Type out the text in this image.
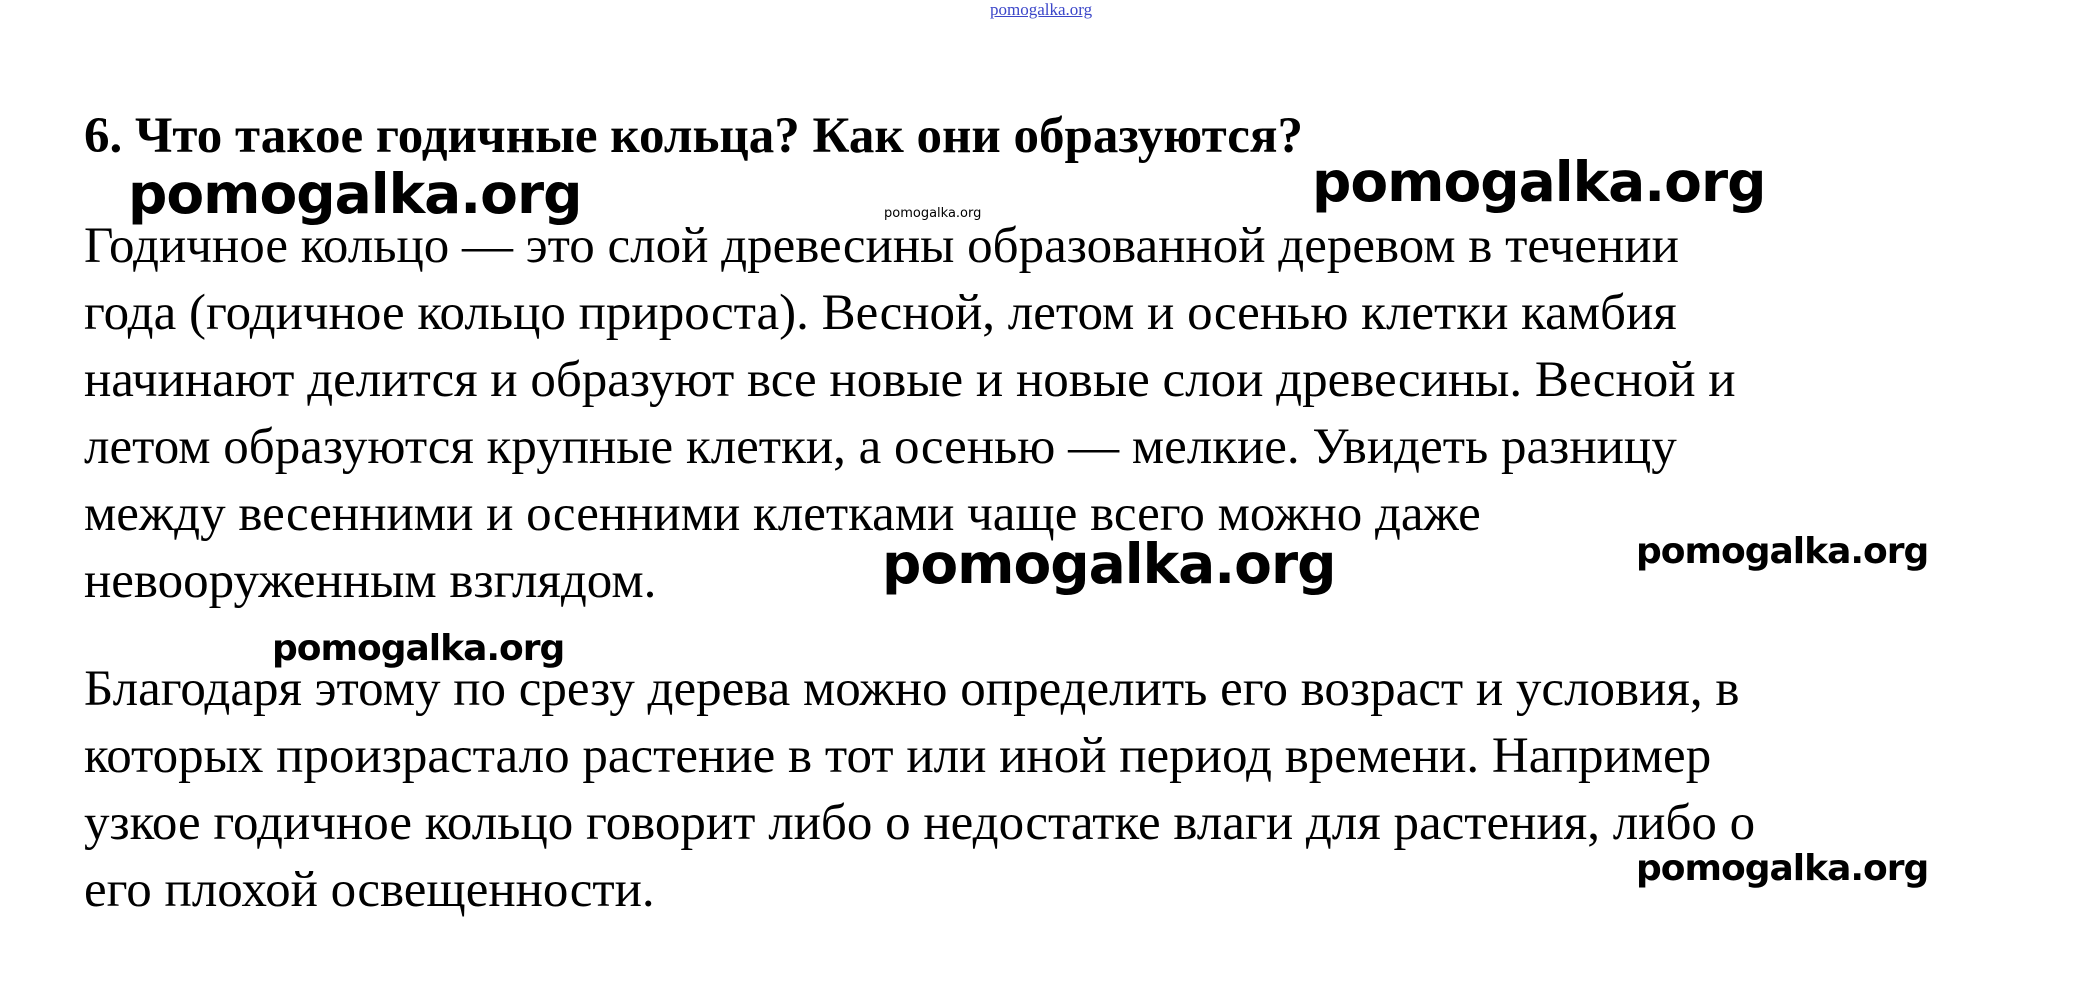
pomogalka.org
6. Что такое годичные кольца? Как они образуются?
Годичное кольцо — это слой древесины образованной деревом в течении
года (годичное кольцо прироста). Весной, летом и осенью клетки камбия
начинают делится и образуют все новые и новые слои древесины. Весной и
летом образуются крупные клетки, а осенью — мелкие. Увидеть разницу
между весенними и осенними клетками чаще всего можно даже
невооруженным взглядом.
Благодаря этому по срезу дерева можно определить его возраст и условия, в
которых произрастало растение в тот или иной период времени. Например
узкое годичное кольцо говорит либо о недостатке влаги для растения, либо о
его плохой освещенности.
pomogalka.org	pomogalka.org	pomogalka.org
pomogalka.org	pomogalka.org
pomogalka.org
pomogalka.org
